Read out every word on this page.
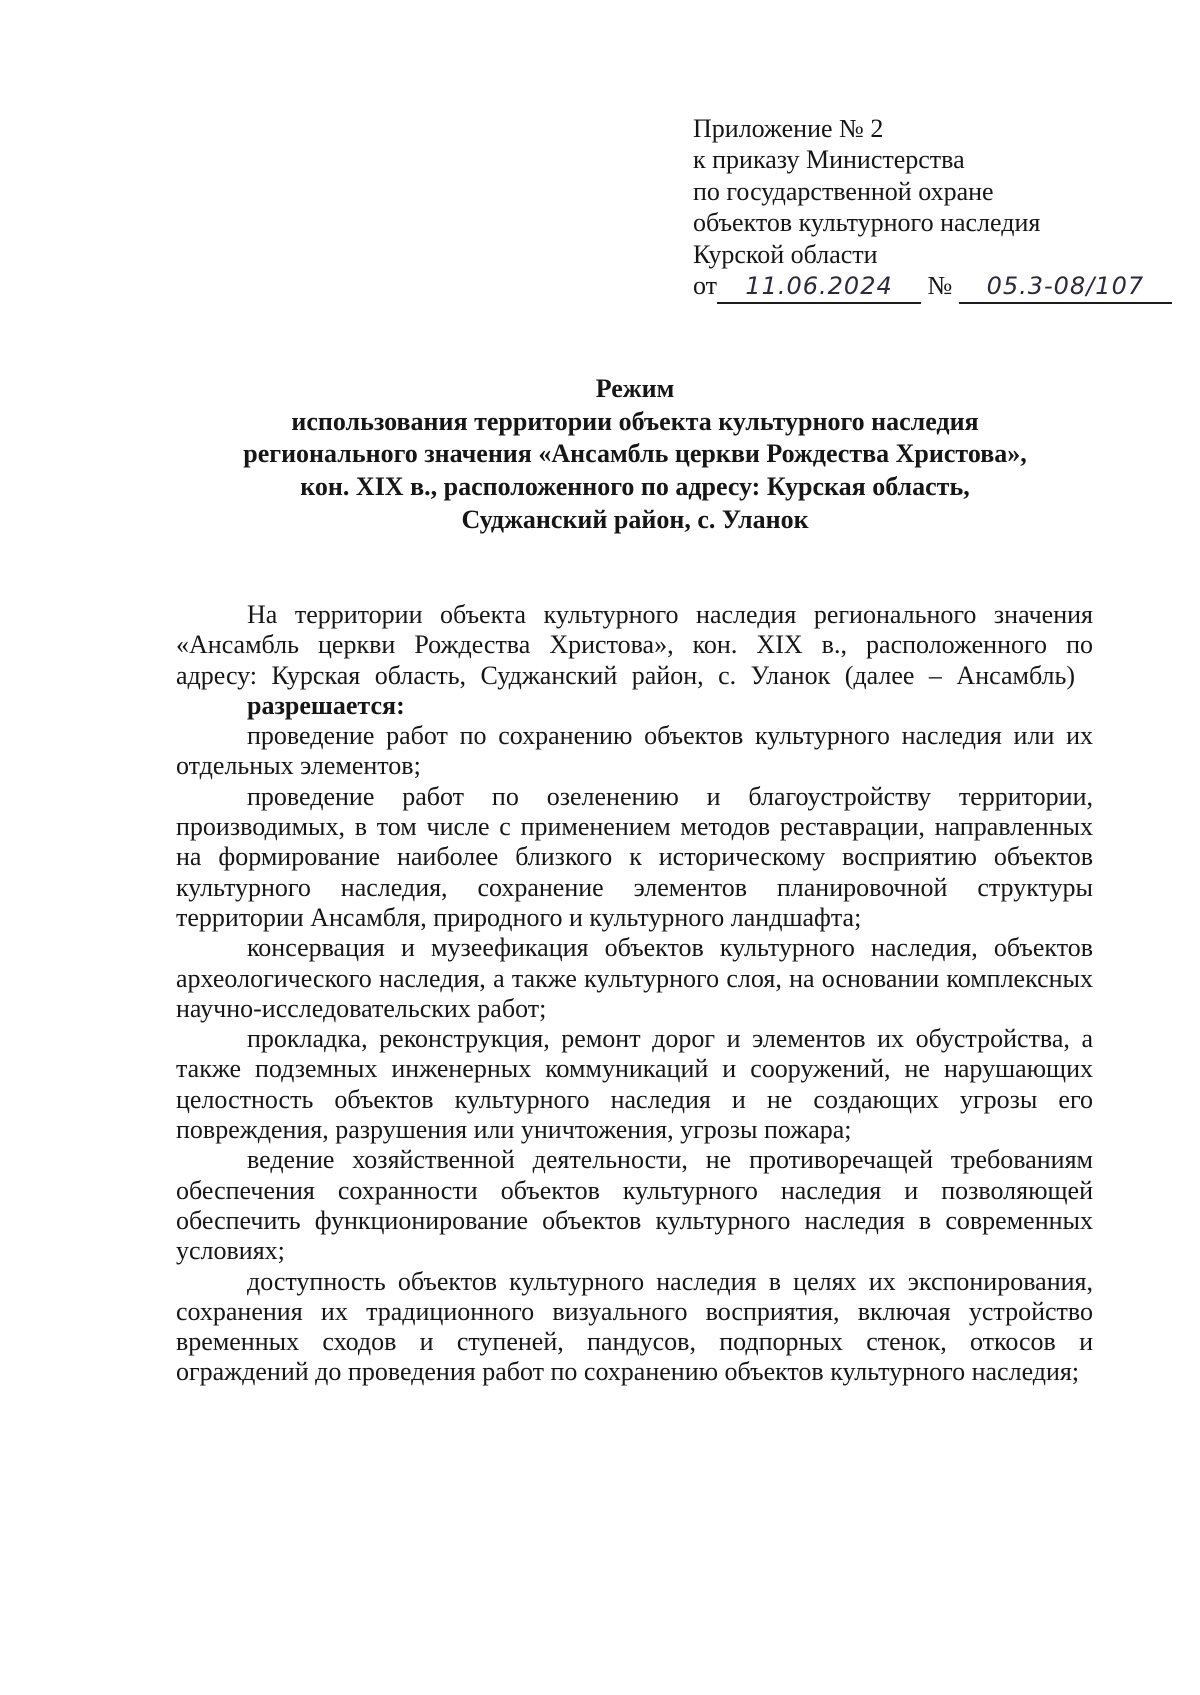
Приложение № 2
к приказу Министерства
по государственной охране
объектов культурного наследия
Курской области
от 11.06.2024 № 05.3-08/107
Режим
использования территории объекта культурного наследия
регионального значения «Ансамбль церкви Рождества Христова»,
кон. XIX в., расположенного по адресу: Курская область,
Суджанский район, с. Уланок

На территории объекта культурного наследия регионального значения «Ансамбль церкви Рождества Христова», кон. XIX в., расположенного по адресу: Курская область, Суджанский район, с. Уланок (далее – Ансамбль)

разрешается:

проведение работ по сохранению объектов культурного наследия или их отдельных элементов;

проведение работ по озеленению и благоустройству территории, производимых, в том числе с применением методов реставрации, направленных на формирование наиболее близкого к историческому восприятию объектов культурного наследия, сохранение элементов планировочной структуры территории Ансамбля, природного и культурного ландшафта;

консервация и музеефикация объектов культурного наследия, объектов археологического наследия, а также культурного слоя, на основании комплексных научно-исследовательских работ;

прокладка, реконструкция, ремонт дорог и элементов их обустройства, а также подземных инженерных коммуникаций и сооружений, не нарушающих целостность объектов культурного наследия и не создающих угрозы его повреждения, разрушения или уничтожения, угрозы пожара;

ведение хозяйственной деятельности, не противоречащей требованиям обеспечения сохранности объектов культурного наследия и позволяющей обеспечить функционирование объектов культурного наследия в современных условиях;

доступность объектов культурного наследия в целях их экспонирования, сохранения их традиционного визуального восприятия, включая устройство временных сходов и ступеней, пандусов, подпорных стенок, откосов и ограждений до проведения работ по сохранению объектов культурного наследия;
